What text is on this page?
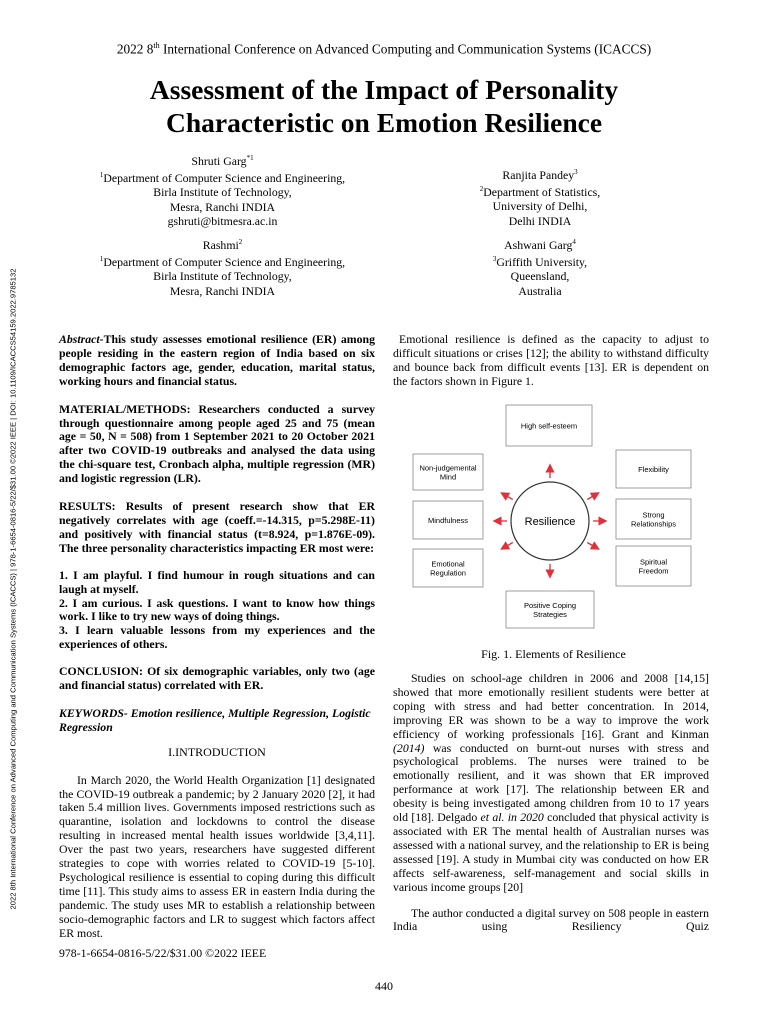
2022 8th International Conference on Advanced Computing and Communication Systems (ICACCS) | 978-1-6654-0816-5/22/$31.00 ©2022 IEEE | DOI: 10.1109/ICACCS54159.2022.9785132
2022 8th International Conference on Advanced Computing and Communication Systems (ICACCS)
Assessment of the Impact of Personality
Characteristic on Emotion Resilience
Shruti Garg$^{*1}$
$^1$Department of Computer Science and Engineering,
Birla Institute of Technology,
Mesra, Ranchi INDIA
gshruti@bitmesra.ac.in
Ranjita Pandey$^3$
$^2$Department of Statistics,
University of Delhi,
Delhi INDIA
Rashmi$^2$
$^1$Department of Computer Science and Engineering,
Birla Institute of Technology,
Mesra, Ranchi INDIA
Ashwani Garg$^4$
$^3$Griffith University,
Queensland,
Australia

Abstract-This study assesses emotional resilience (ER) among people residing in the eastern region of India based on six demographic factors age, gender, education, marital status, working hours and financial status.

MATERIAL/METHODS: Researchers conducted a survey through questionnaire among people aged 25 and 75 (mean age = 50, N = 508) from 1 September 2021 to 20 October 2021 after two COVID-19 outbreaks and analysed the data using the chi-square test, Cronbach alpha, multiple regression (MR) and logistic regression (LR).

RESULTS: Results of present research show that ER negatively correlates with age (coeff.=-14.315, p=5.298E-11) and positively with financial status (t=8.924, p=1.876E-09). The three personality characteristics impacting ER most were:

1. I am playful. I find humour in rough situations and can laugh at myself.

2. I am curious. I ask questions. I want to know how things work. I like to try new ways of doing things.

3. I learn valuable lessons from my experiences and the experiences of others.

CONCLUSION: Of six demographic variables, only two (age and financial status) correlated with ER.

KEYWORDS- Emotion resilience, Multiple Regression, Logistic Regression

I.INTRODUCTION

In March 2020, the World Health Organization [1] designated the COVID-19 outbreak a pandemic; by 2 January 2020 [2], it had taken 5.4 million lives. Governments imposed restrictions such as quarantine, isolation and lockdowns to control the disease resulting in increased mental health issues worldwide [3,4,11]. Over the past two years, researchers have suggested different strategies to cope with worries related to COVID-19 [5-10]. Psychological resilience is essential to coping during this difficult time [11]. This study aims to assess ER in eastern India during the pandemic. The study uses MR to establish a relationship between socio-demographic factors and LR to suggest which factors affect ER most.

Emotional resilience is defined as the capacity to adjust to difficult situations or crises [12]; the ability to withstand difficulty and bounce back from difficult events [13]. ER is dependent on the factors shown in Figure 1.

High self-esteem
Non-judgemental Mind
Flexibility
Mindfulness
Strong Relationships
Emotional Regulation
Spiritual Freedom
Positive Coping Strategies
Resilience
Fig. 1. Elements of Resilience

Studies on school-age children in 2006 and 2008 [14,15] showed that more emotionally resilient students were better at coping with stress and had better concentration. In 2014, improving ER was shown to be a way to improve the work efficiency of working professionals [16]. Grant and Kinman (2014) was conducted on burnt-out nurses with stress and psychological problems. The nurses were trained to be emotionally resilient, and it was shown that ER improved performance at work [17]. The relationship between ER and obesity is being investigated among children from 10 to 17 years old [18]. Delgado et al. in 2020 concluded that physical activity is associated with ER The mental health of Australian nurses was assessed with a national survey, and the relationship to ER is being assessed [19]. A study in Mumbai city was conducted on how ER affects self-awareness, self-management and social skills in various income groups [20]

The author conducted a digital survey on 508 people in eastern India using Resiliency Quiz

978-1-6654-0816-5/22/$31.00 ©2022 IEEE
440
